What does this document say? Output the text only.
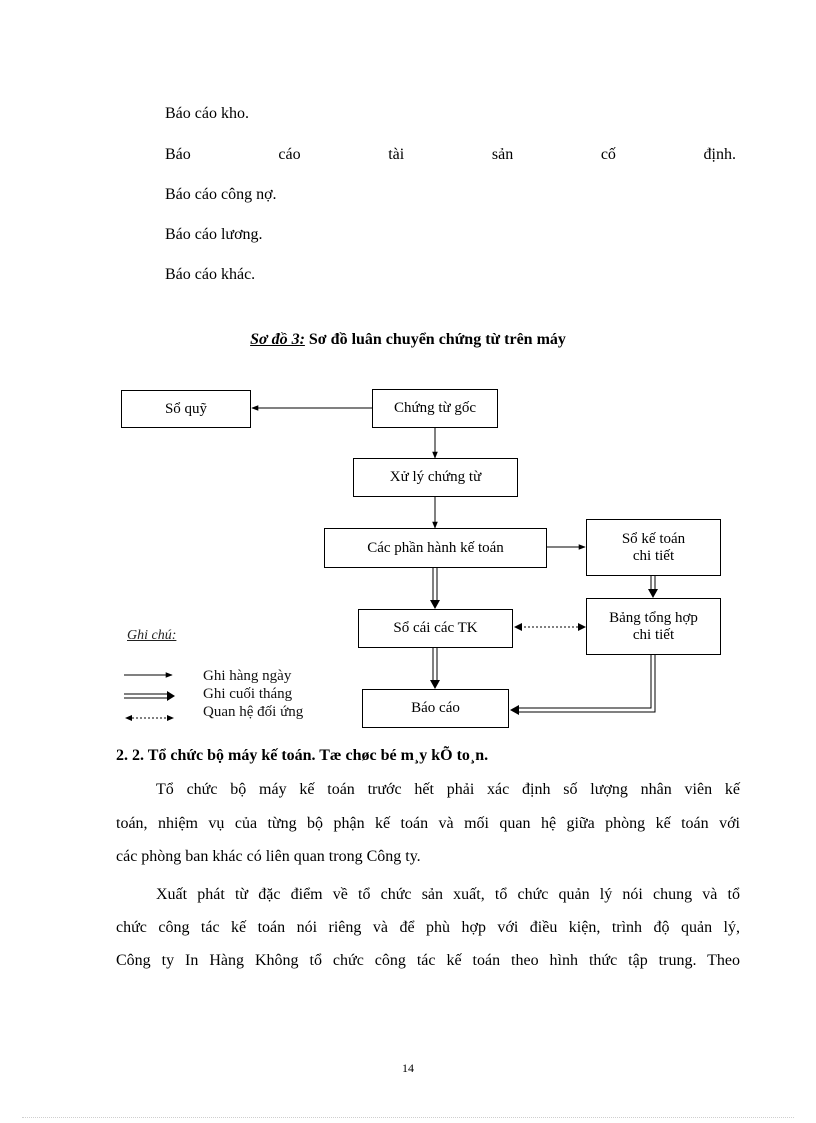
Báo cáo kho.
Báo	cáo	tài	sản	cố	định.
Báo cáo công nợ.
Báo cáo lương.
Báo cáo khác.
Sơ đồ 3: Sơ đồ luân chuyển chứng từ trên máy
Sổ quỹ	Chứng từ gốc
Xử lý chứng từ
Các phần hành kế toán
Sổ kế toán
chi tiết
Sổ cái các TK
Bảng tổng hợp
chi tiết
Báo cáo
Ghi chú:
Ghi hàng ngày
Ghi cuối tháng
Quan hệ đối ứng
2. 2. Tổ chức bộ máy kế toán. Tæ chøc bé m¸y kÕ to¸n.
Tổ chức bộ máy kế toán trước hết phải xác định số lượng nhân viên kế
toán, nhiệm vụ của từng bộ phận kế toán và mối quan hệ giữa phòng kế toán với
các phòng ban khác có liên quan trong Công ty.
Xuất phát từ đặc điểm về tổ chức sản xuất, tổ chức quản lý nói chung và tổ
chức công tác kế toán nói riêng và để phù hợp với điều kiện, trình độ quản lý,
Công ty In Hàng Không tổ chức công tác kế toán theo hình thức tập trung. Theo
14
